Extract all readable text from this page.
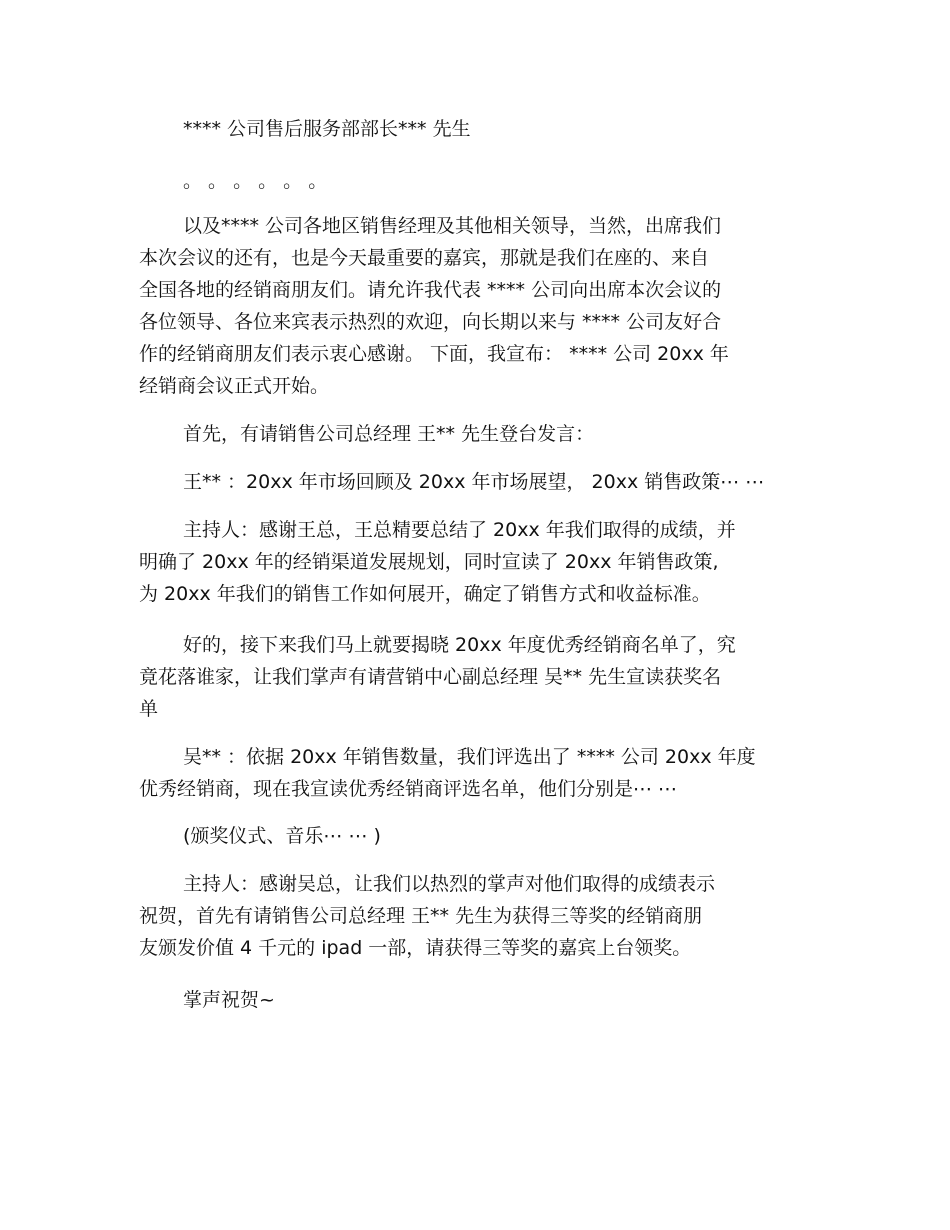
**** 公司售后服务部部长*** 先生
。 。 。 。 。 。
以及**** 公司各地区销售经理及其他相关领导，当然，出席我们
本次会议的还有，也是今天最重要的嘉宾，那就是我们在座的、来自
全国各地的经销商朋友们。请允许我代表 **** 公司向出席本次会议的
各位领导、各位来宾表示热烈的欢迎，向长期以来与 **** 公司友好合
作的经销商朋友们表示衷心感谢。 下面，我宣布： **** 公司 20xx 年
经销商会议正式开始。
首先，有请销售公司总经理 王** 先生登台发言：
王** ：20xx 年市场回顾及 20xx 年市场展望， 20xx 销售政策⋯ ⋯
主持人：感谢王总，王总精要总结了 20xx 年我们取得的成绩，并
明确了 20xx 年的经销渠道发展规划，同时宣读了 20xx 年销售政策,
为 20xx 年我们的销售工作如何展开，确定了销售方式和收益标准。
好的，接下来我们马上就要揭晓 20xx 年度优秀经销商名单了，究
竟花落谁家，让我们掌声有请营销中心副总经理 吴** 先生宣读获奖名
单
吴** ：依据 20xx 年销售数量，我们评选出了 **** 公司 20xx 年度
优秀经销商，现在我宣读优秀经销商评选名单，他们分别是⋯ ⋯
(颁奖仪式、音乐⋯ ⋯ )
主持人：感谢吴总，让我们以热烈的掌声对他们取得的成绩表示
祝贺，首先有请销售公司总经理 王** 先生为获得三等奖的经销商朋
友颁发价值 4 千元的 ipad 一部，请获得三等奖的嘉宾上台领奖。
掌声祝贺~
